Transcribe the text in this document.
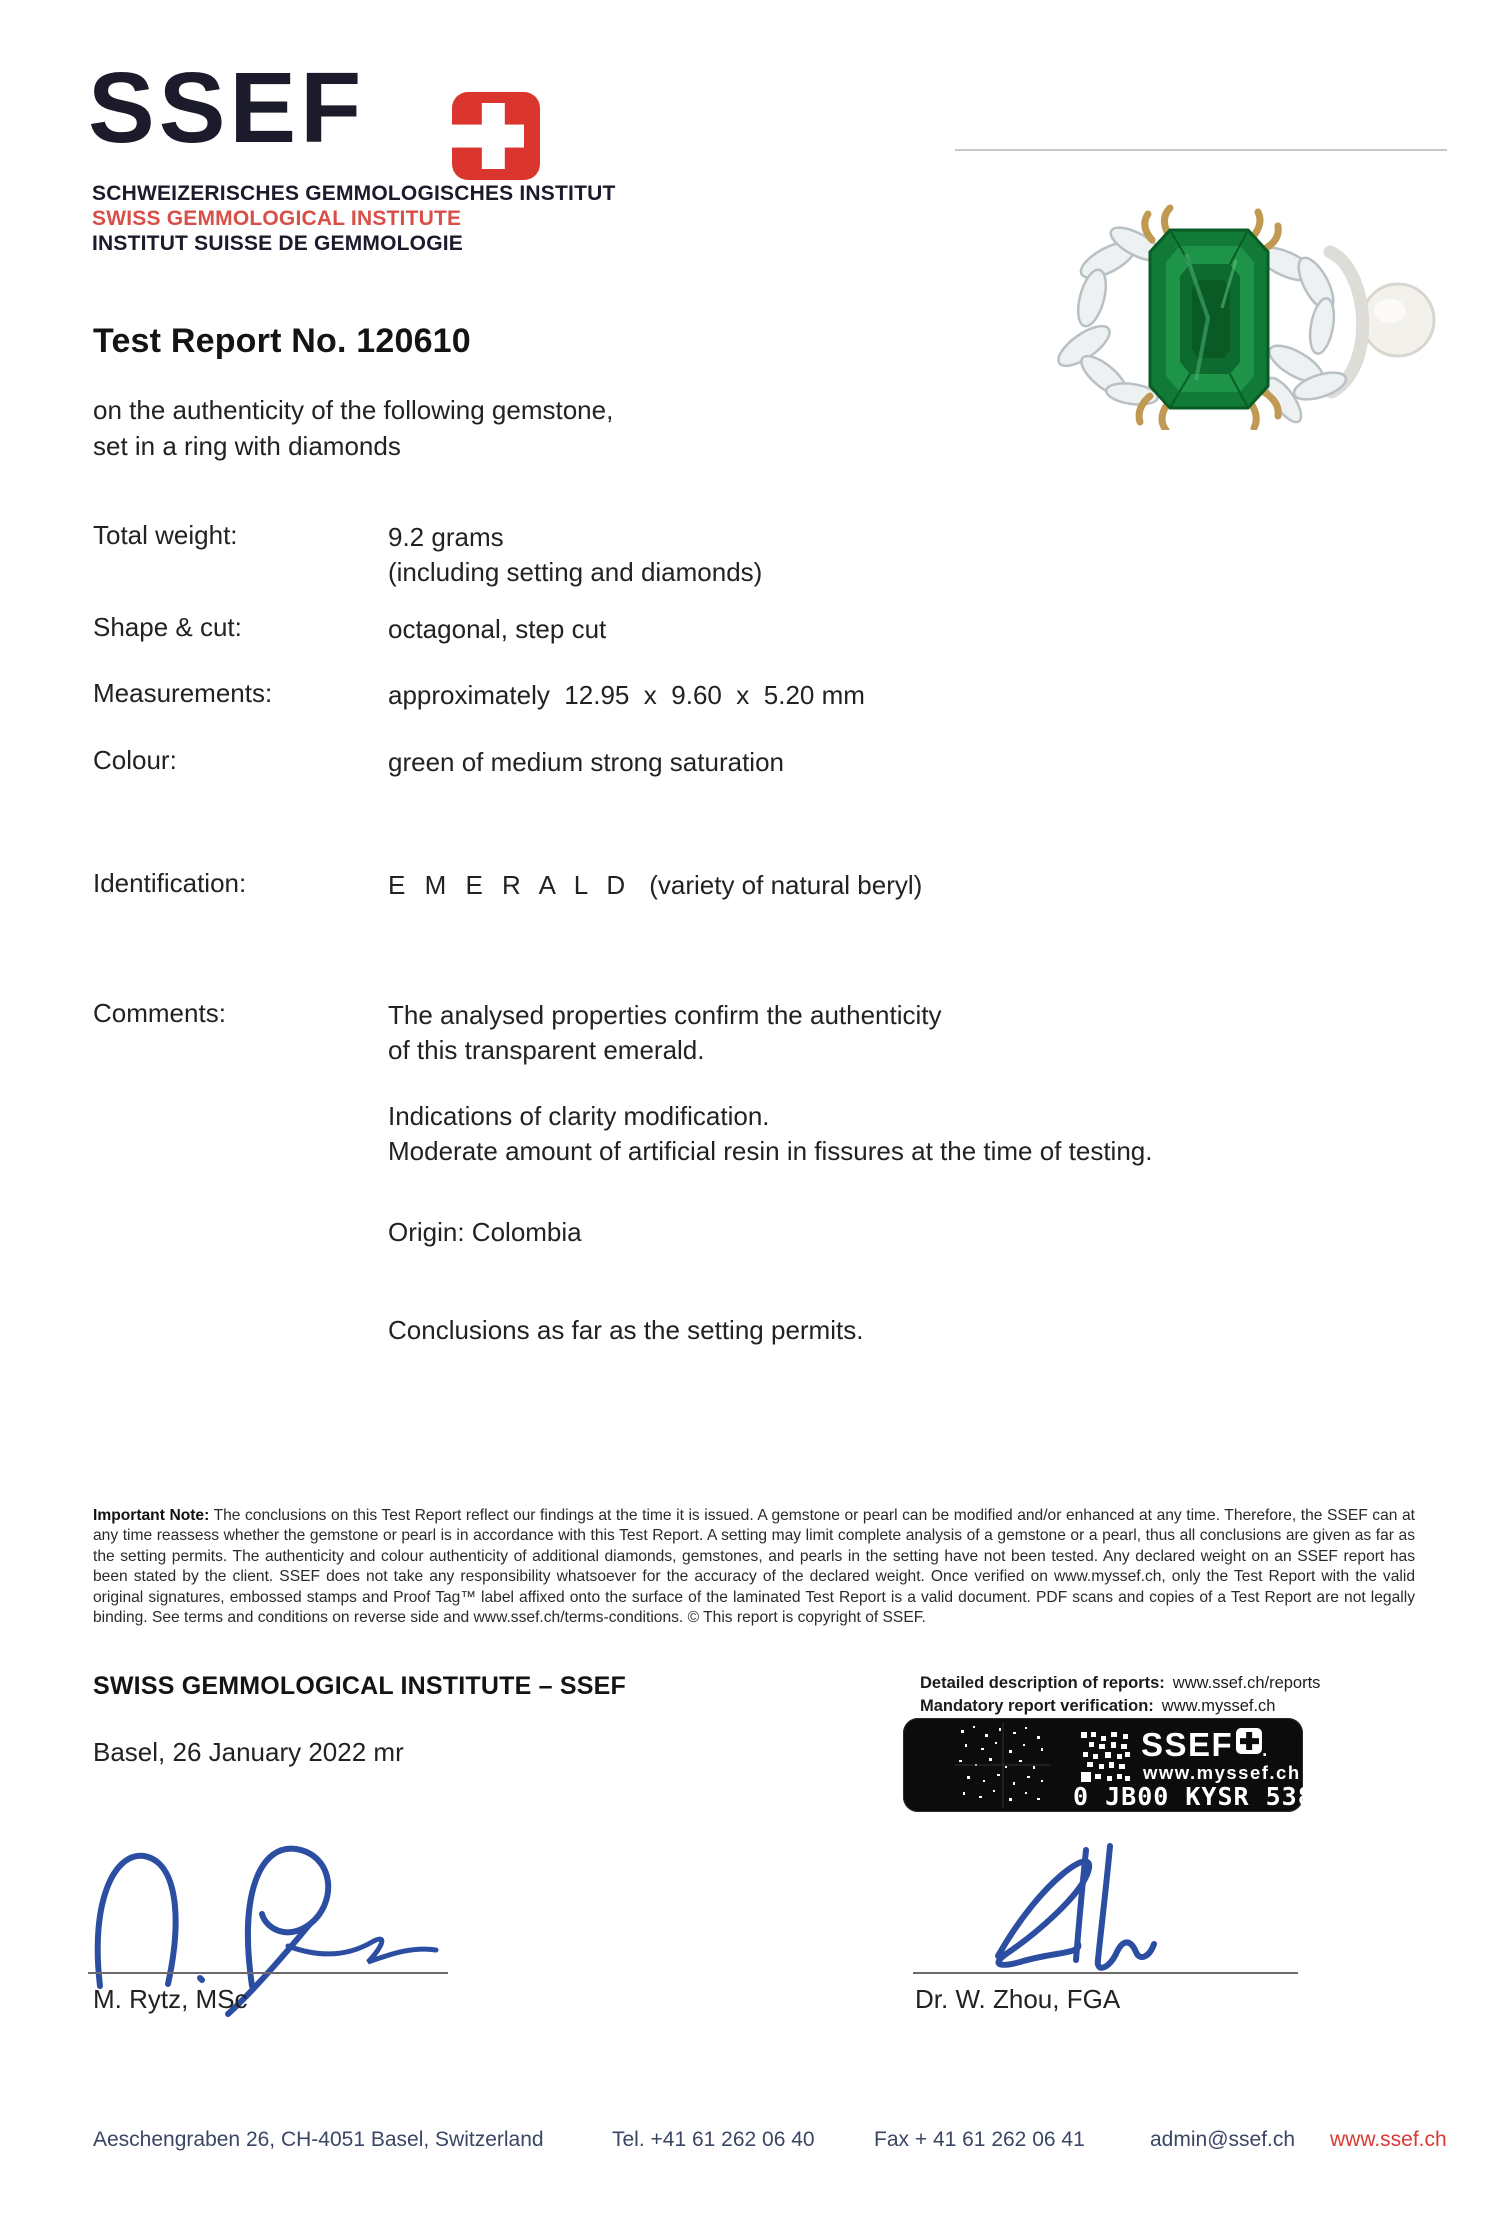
SSEF
SCHWEIZERISCHES GEMMOLOGISCHES INSTITUT
SWISS GEMMOLOGICAL INSTITUTE
INSTITUT SUISSE DE GEMMOLOGIE
Test Report No. 120610
on the authenticity of the following gemstone,
set in a ring with diamonds
Total weight:	9.2 grams
(including setting and diamonds)
Shape & cut:	octagonal, step cut
Measurements:	approximately  12.95  x  9.60  x  5.20 mm
Colour:	green of medium strong saturation
Identification:	E M E R A L D (variety of natural beryl)
Comments:	The analysed properties confirm the authenticity
of this transparent emerald.
Indications of clarity modification.
Moderate amount of artificial resin in fissures at the time of testing.
Origin: Colombia
Conclusions as far as the setting permits.
Important Note: The conclusions on this Test Report reflect our findings at the time it is issued. A gemstone or pearl can be modified and/or enhanced at any time. Therefore, the SSEF can at any time reassess whether the gemstone or pearl is in accordance with this Test Report. A setting may limit complete analysis of a gemstone or a pearl, thus all conclusions are given as far as the setting permits. The authenticity and colour authenticity of additional diamonds, gemstones, and pearls in the setting have not been tested. Any declared weight on an SSEF report has been stated by the client. SSEF does not take any responsibility whatsoever for the accuracy of the declared weight. Once verified on www.myssef.ch, only the Test Report with the valid original signatures, embossed stamps and Proof Tag™ label affixed onto the surface of the laminated Test Report is a valid document. PDF scans and copies of a Test Report are not legally binding. See terms and conditions on reverse side and www.ssef.ch/terms-conditions. © This report is copyright of SSEF.
SWISS GEMMOLOGICAL INSTITUTE – SSEF	Detailed description of reports: www.ssef.ch/reports
Mandatory report verification: www.myssef.ch
Basel, 26 January 2022 mr	SSEF .
www.myssef.ch
0 JB00 KYSR 53889
M. Rytz, MSc	Dr. W. Zhou, FGA
Aeschengraben 26, CH-4051 Basel, Switzerland	Tel. +41 61 262 06 40	Fax + 41 61 262 06 41	admin@ssef.ch www.ssef.ch
